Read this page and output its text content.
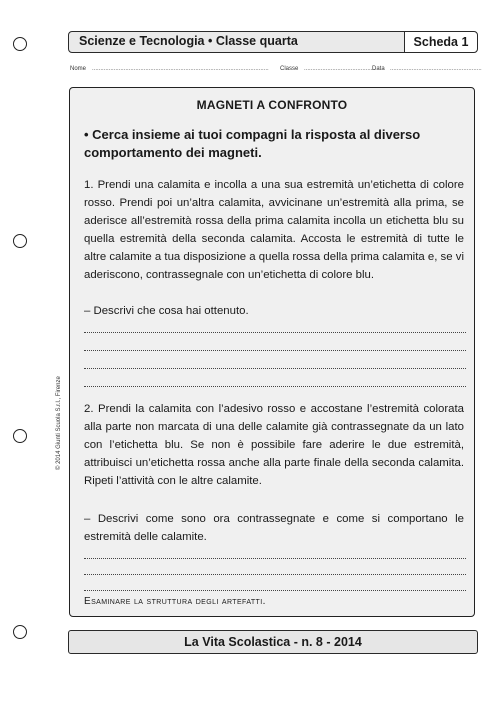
Scienze e Tecnologia • Classe quarta	Scheda 1
Nome .......................................................................................................... Classe ...........................................
Data .......................................................
MAGNETI A CONFRONTO
• Cerca insieme ai tuoi compagni la risposta al diverso comportamento dei magneti.
1. Prendi una calamita e incolla a una sua estremità un’etichetta di colore rosso. Prendi poi un’altra calamita, avvicinane un’estremità alla prima, se aderisce all’estremità rossa della prima calamita incolla un etichetta blu su quella estremità della seconda calamita. Accosta le estremità di tutte le altre calamite a tua disposizione a quella rossa della prima calamita e, se vi aderiscono, contrassegnale con un’etichetta di colore blu.
– Descrivi che cosa hai ottenuto.
2. Prendi la calamita con l’adesivo rosso e accostane l’estremità colorata alla parte non marcata di una delle calamite già contrassegnate da un lato con l’etichetta blu. Se non è possibile fare aderire le due estremità, attribuisci un’etichetta rossa anche alla parte finale della seconda calamita. Ripeti l’attività con le altre calamite.
– Descrivi come sono ora contrassegnate e come si comportano le estremità delle calamite.
Esaminare la struttura degli artefatti.
© 2014 Giunti Scuola S.r.l., Firenze
La Vita Scolastica - n. 8 - 2014
